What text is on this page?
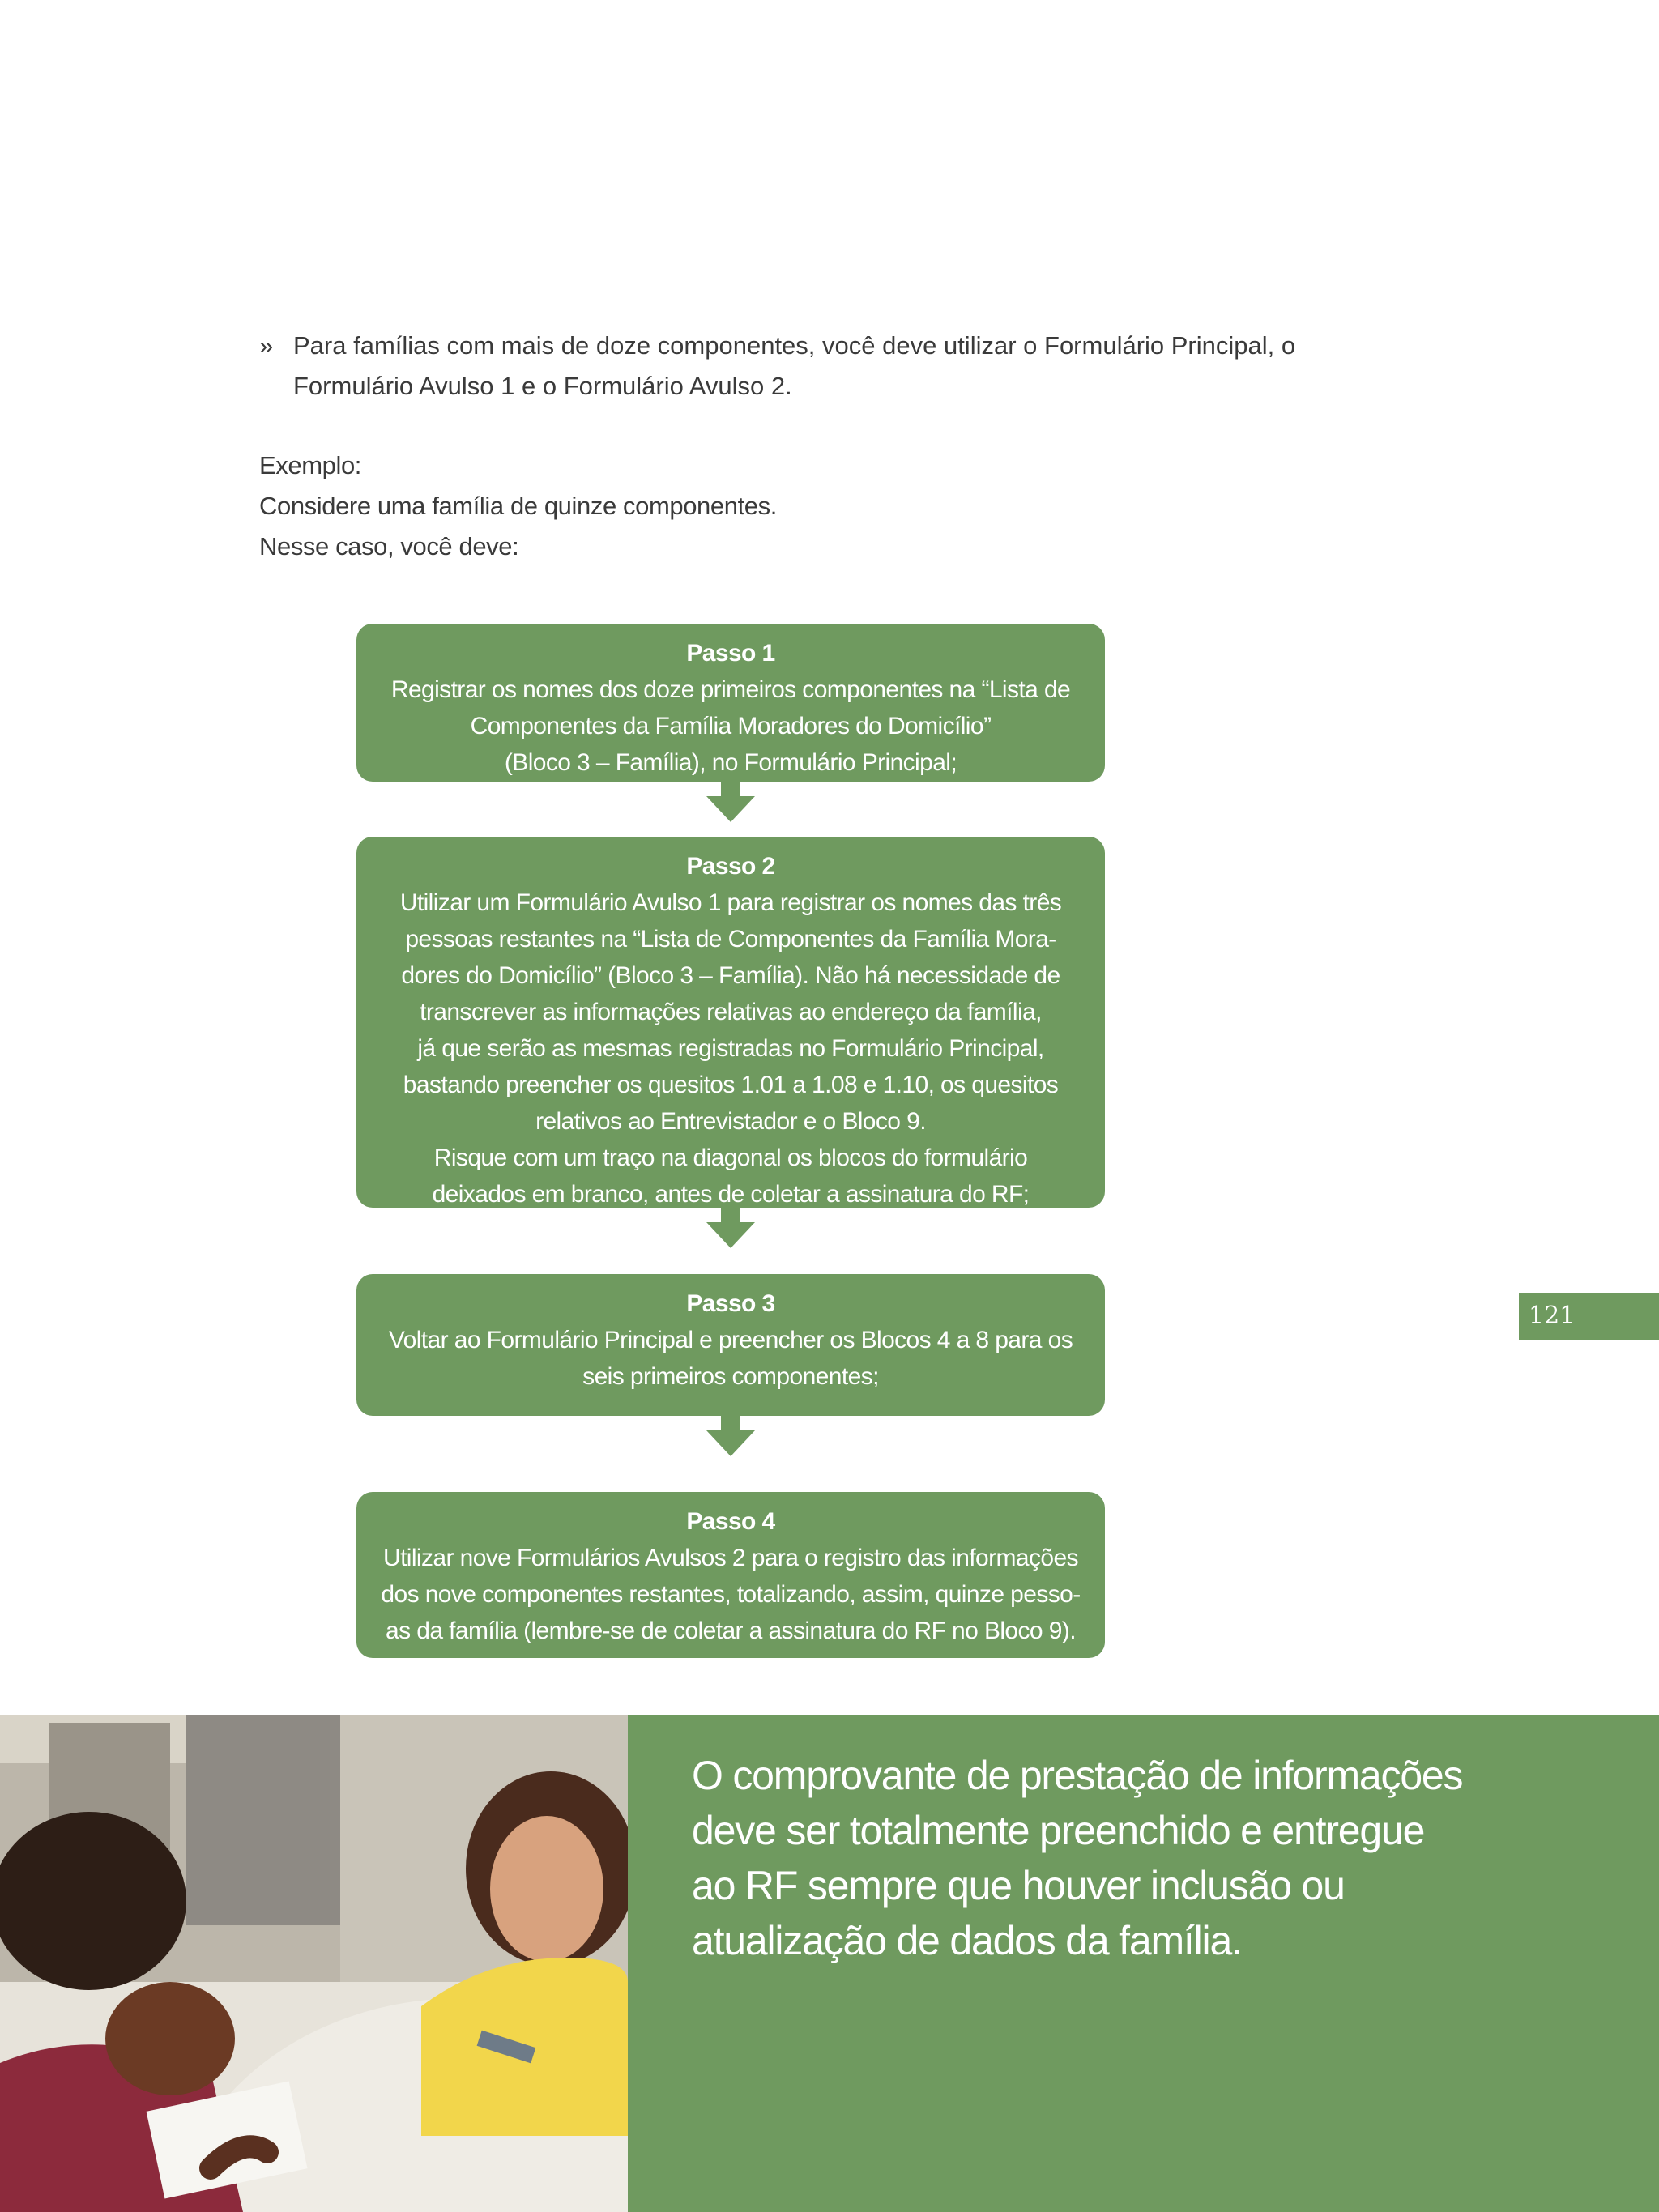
» Para famílias com mais de doze componentes, você deve utilizar o Formulário Principal, o Formulário Avulso 1 e o Formulário Avulso 2.
Exemplo:
Considere uma família de quinze componentes.
Nesse caso, você deve:
Passo 1
Registrar os nomes dos doze primeiros componentes na “Lista de
Componentes da Família Moradores do Domicílio”
(Bloco 3 – Família), no Formulário Principal;
Passo 2
Utilizar um Formulário Avulso 1 para registrar os nomes das três
pessoas restantes na “Lista de Componentes da Família Mora-
dores do Domicílio” (Bloco 3 – Família). Não há necessidade de
transcrever as informações relativas ao endereço da família,
já que serão as mesmas registradas no Formulário Principal,
bastando preencher os quesitos 1.01 a 1.08 e 1.10, os quesitos
relativos ao Entrevistador e o Bloco 9.
Risque com um traço na diagonal os blocos do formulário
deixados em branco, antes de coletar a assinatura do RF;
Passo 3
Voltar ao Formulário Principal e preencher os Blocos 4 a 8 para os
seis primeiros componentes;
Passo 4
Utilizar nove Formulários Avulsos 2 para o registro das informações
dos nove componentes restantes, totalizando, assim, quinze pesso-
as da família (lembre-se de coletar a assinatura do RF no Bloco 9).
121
O comprovante de prestação de informações
deve ser totalmente preenchido e entregue
ao RF sempre que houver inclusão ou
atualização de dados da família.
